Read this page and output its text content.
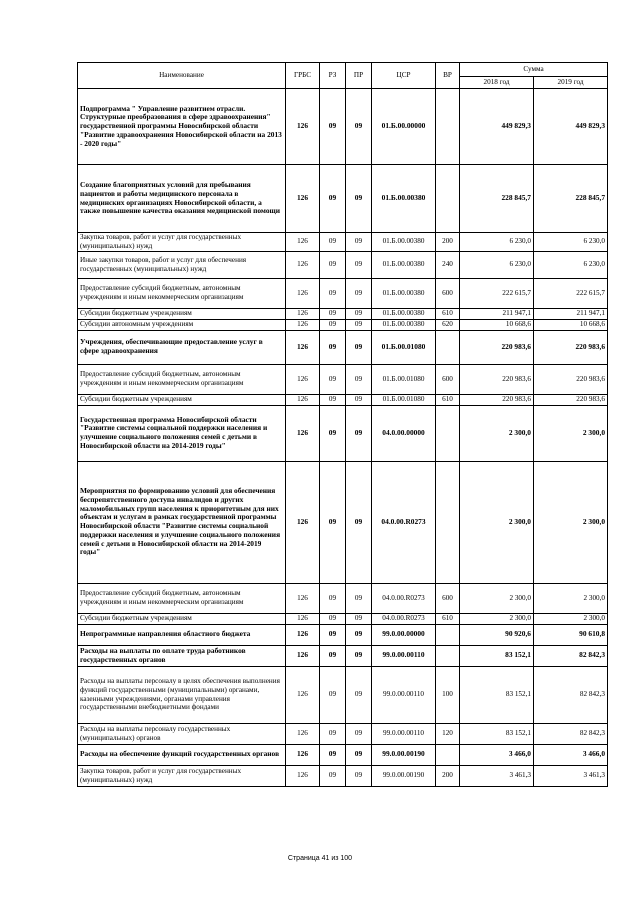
Наименование	ГРБС	РЗ	ПР	ЦСР	ВР	Сумма	
						2018 год	2019 год
Подпрограмма " Управление развитием отрасли. Структурные преобразования в сфере здравоохранения" государственной программы Новосибирской области "Развитие здравоохранения Новосибирской области на 2013 - 2020 годы"	126	09	09	01.Б.00.00000		449 829,3	449 829,3
Создание благоприятных условий для пребывания пациентов и работы медицинского персонала в медицинских организациях Новосибирской области, а также повышение качества оказания медицинской помощи	126	09	09	01.Б.00.00380		228 845,7	228 845,7
Закупка товаров, работ и услуг для государственных (муниципальных) нужд	126	09	09	01.Б.00.00380	200	6 230,0	6 230,0
Иные закупки товаров, работ и услуг для обеспечения государственных (муниципальных) нужд	126	09	09	01.Б.00.00380	240	6 230,0	6 230,0
Предоставление субсидий бюджетным, автономным учреждениям и иным некоммерческим организациям	126	09	09	01.Б.00.00380	600	222 615,7	222 615,7
Субсидии бюджетным учреждениям	126	09	09	01.Б.00.00380	610	211 947,1	211 947,1
Субсидии автономным учреждениям	126	09	09	01.Б.00.00380	620	10 668,6	10 668,6
Учреждения, обеспечивающие предоставление услуг в сфере здравоохранения	126	09	09	01.Б.00.01080		220 983,6	220 983,6
Предоставление субсидий бюджетным, автономным учреждениям и иным некоммерческим организациям	126	09	09	01.Б.00.01080	600	220 983,6	220 983,6
Субсидии бюджетным учреждениям	126	09	09	01.Б.00.01080	610	220 983,6	220 983,6
Государственная программа Новосибирской области "Развитие системы социальной поддержки населения и улучшение социального положения семей с детьми в Новосибирской области на 2014-2019 годы"	126	09	09	04.0.00.00000		2 300,0	2 300,0
Мероприятия по формированию условий для обеспечения беспрепятственного доступа инвалидов и других маломобильных групп населения к приоритетным для них объектам и услугам в рамках государственной программы Новосибирской области "Развитие системы социальной поддержки населения и улучшение социального положения семей с детьми в Новосибирской области на 2014-2019 годы"	126	09	09	04.0.00.R0273		2 300,0	2 300,0
Предоставление субсидий бюджетным, автономным учреждениям и иным некоммерческим организациям	126	09	09	04.0.00.R0273	600	2 300,0	2 300,0
Субсидии бюджетным учреждениям	126	09	09	04.0.00.R0273	610	2 300,0	2 300,0
Непрограммные направления областного бюджета	126	09	09	99.0.00.00000		90 920,6	90 610,8
Расходы на выплаты по оплате труда работников государственных органов	126	09	09	99.0.00.00110		83 152,1	82 842,3
Расходы на выплаты персоналу в целях обеспечения выполнения функций государственными (муниципальными) органами, казенными учреждениями, органами управления государственными внебюджетными фондами	126	09	09	99.0.00.00110	100	83 152,1	82 842,3
Расходы на выплаты персоналу государственных (муниципальных) органов	126	09	09	99.0.00.00110	120	83 152,1	82 842,3
Расходы на обеспечение функций государственных органов	126	09	09	99.0.00.00190		3 466,0	3 466,0
Закупка товаров, работ и услуг для государственных (муниципальных) нужд	126	09	09	99.0.00.00190	200	3 461,3	3 461,3
Страница 41 из 100
